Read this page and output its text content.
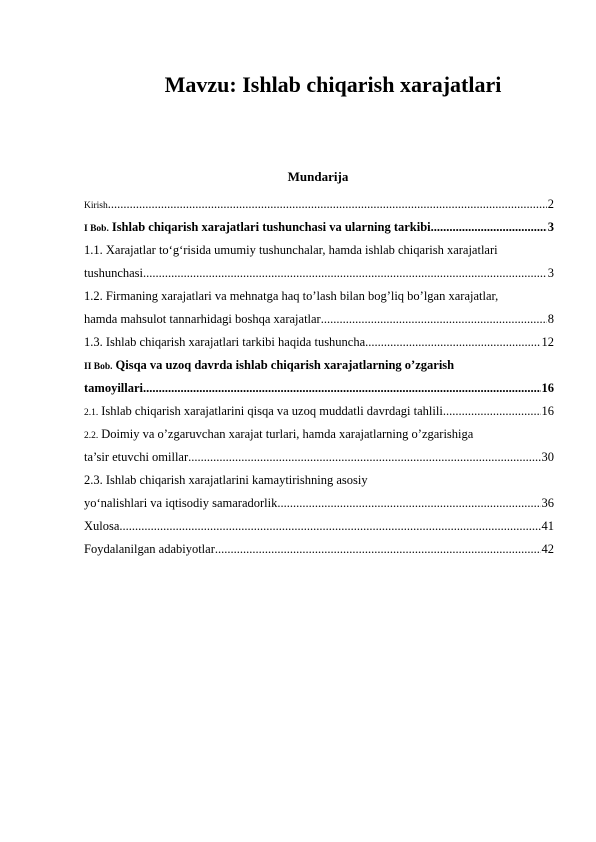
Mavzu: Ishlab chiqarish xarajatlari
Mundarija
Kirish .....	2
I Bob. Ishlab chiqarish xarajatlari tushunchasi va ularning tarkibi .....	3
1.1. Xarajatlar to‘g‘risida umumiy tushunchalar, hamda ishlab chiqarish xarajatlari
tushunchasi .....	3
1.2. Firmaning xarajatlari va mehnatga haq to’lash bilan bog’liq bo’lgan xarajatlar,
hamda mahsulot tannarhidagi boshqa xarajatlar .....	8
1.3. Ishlab chiqarish xarajatlari tarkibi haqida tushuncha .....	12
II Bob. Qisqa va uzoq davrda ishlab chiqarish xarajatlarning o’zgarish
tamoyillari .....	16
2.1. Ishlab chiqarish xarajatlarini qisqa va uzoq muddatli davrdagi tahlili .....	16
2.2. Doimiy va o’zgaruvchan xarajat turlari, hamda xarajatlarning o’zgarishiga
ta’sir etuvchi omillar .....	30
2.3. Ishlab chiqarish xarajatlarini kamaytirishning asosiy
yo‘nalishlari va iqtisodiy samaradorlik .....	36
Xulosa .....	41
Foydalanilgan adabiyotlar .....	42
